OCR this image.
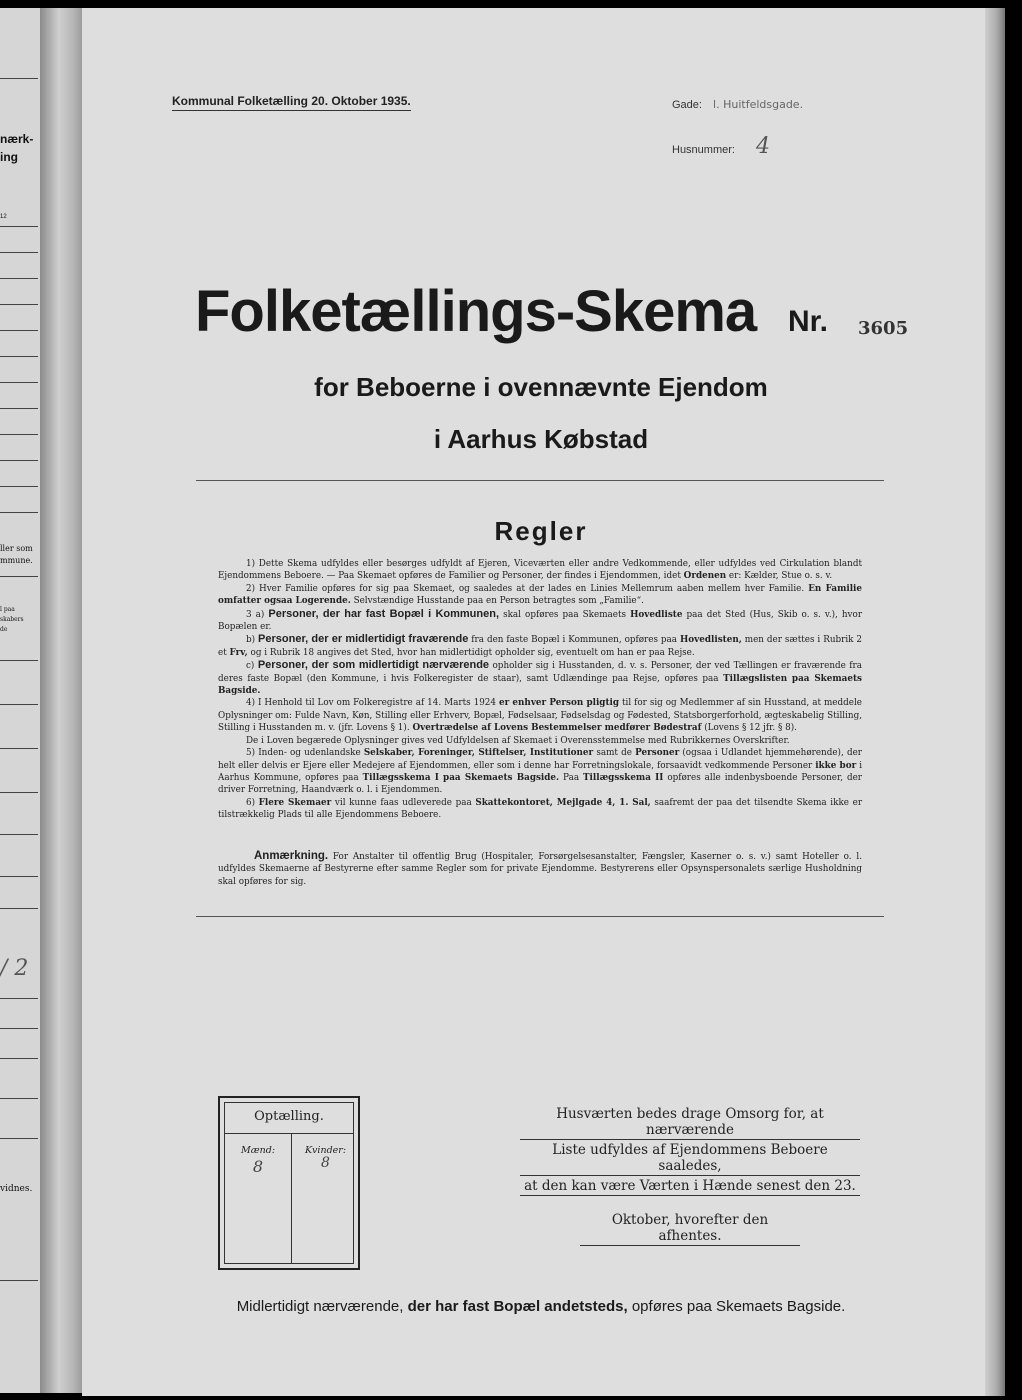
nærk-
ing
12
ller som
mmune.
l paa
skabers
de
/ 2
vidnes.
Kommunal Folketælling 20. Oktober 1935.	Gade: l. Huitfeldsgade.
Husnummer: 4
Folketællings-Skema Nr. 3605
for Beboerne i ovennævnte Ejendom
i Aarhus Købstad
Regler

1) Dette Skema udfyldes eller besørges udfyldt af Ejeren, Viceværten eller andre Vedkommende, eller udfyldes ved Cirkulation blandt Ejendommens Beboere. — Paa Skemaet opføres de Familier og Personer, der findes i Ejendommen, idet Ordenen er: Kælder, Stue o. s. v.

2) Hver Familie opføres for sig paa Skemaet, og saaledes at der lades en Linies Mellemrum aaben mellem hver Familie. En Familie omfatter ogsaa Logerende. Selvstændige Husstande paa en Person betragtes som „Familie“.

3 a) Personer, der har fast Bopæl i Kommunen, skal opføres paa Skemaets Hovedliste paa det Sted (Hus, Skib o. s. v.), hvor Bopælen er.

b) Personer, der er midlertidigt fraværende fra den faste Bopæl i Kommunen, opføres paa Hovedlisten, men der sættes i Rubrik 2 et Frv, og i Rubrik 18 angives det Sted, hvor han midlertidigt opholder sig, eventuelt om han er paa Rejse.

c) Personer, der som midlertidigt nærværende opholder sig i Husstanden, d. v. s. Personer, der ved Tællingen er fraværende fra deres faste Bopæl (den Kommune, i hvis Folkeregister de staar), samt Udlændinge paa Rejse, opføres paa Tillægslisten paa Skemaets Bagside.

4) I Henhold til Lov om Folkeregistre af 14. Marts 1924 er enhver Person pligtig til for sig og Medlemmer af sin Husstand, at meddele Oplysninger om: Fulde Navn, Køn, Stilling eller Erhverv, Bopæl, Fødselsaar, Fødselsdag og Fødested, Statsborgerforhold, ægteskabelig Stilling, Stilling i Husstanden m. v. (jfr. Lovens § 1). Overtrædelse af Lovens Bestemmelser medfører Bødestraf (Lovens § 12 jfr. § 8).

De i Loven begærede Oplysninger gives ved Udfyldelsen af Skemaet i Overensstemmelse med Rubrikkernes Overskrifter.

5) Inden- og udenlandske Selskaber, Foreninger, Stiftelser, Institutioner samt de Personer (ogsaa i Udlandet hjemmehørende), der helt eller delvis er Ejere eller Medejere af Ejendommen, eller som i denne har Forretningslokale, forsaavidt vedkommende Personer ikke bor i Aarhus Kommune, opføres paa Tillægsskema I paa Skemaets Bagside. Paa Tillægsskema II opføres alle indenbysboende Personer, der driver Forretning, Haandværk o. l. i Ejendommen.

6) Flere Skemaer vil kunne faas udleverede paa Skattekontoret, Mejlgade 4, 1. Sal, saafremt der paa det tilsendte Skema ikke er tilstrækkelig Plads til alle Ejendommens Beboere.

Anmærkning. For Anstalter til offentlig Brug (Hospitaler, Forsørgelsesanstalter, Fængsler, Kaserner o. s. v.) samt Hoteller o. l. udfyldes Skemaerne af Bestyrerne efter samme Regler som for private Ejendomme. Bestyrerens eller Opsynspersonalets særlige Husholdning skal opføres for sig.

Optælling.
Mænd:	Kvinder:
8	8
Husværten bedes drage Omsorg for, at nærværende
Liste udfyldes af Ejendommens Beboere saaledes,
at den kan være Værten i Hænde senest den 23.
Oktober, hvorefter den afhentes.
Midlertidigt nærværende, der har fast Bopæl andetsteds, opføres paa Skemaets Bagside.
